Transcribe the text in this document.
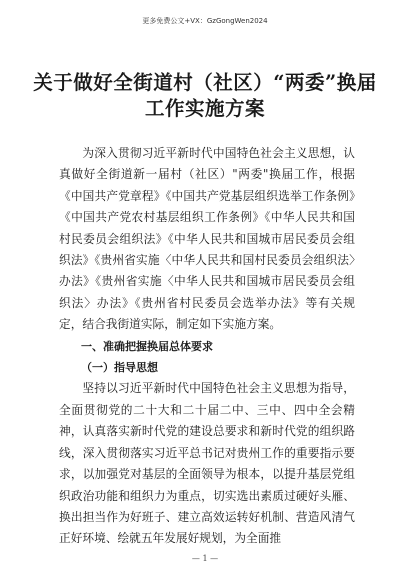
更多免费公文+VX：GzGongWen2024
关于做好全街道村（社区）“两委”换届
工作实施方案

为深入贯彻习近平新时代中国特色社会主义思想，认真做好全街道新一届村（社区）"两委"换届工作，根据《中国共产党章程》《中国共产党基层组织选举工作条例》《中国共产党农村基层组织工作条例》《中华人民共和国村民委员会组织法》《中华人民共和国城市居民委员会组织法》《贵州省实施〈中华人民共和国村民委员会组织法〉办法》《贵州省实施〈中华人民共和国城市居民委员会组织法〉办法》《贵州省村民委员会选举办法》等有关规定，结合我街道实际，制定如下实施方案。

一、准确把握换届总体要求

（一）指导思想

坚持以习近平新时代中国特色社会主义思想为指导，全面贯彻党的二十大和二十届二中、三中、四中全会精神，认真落实新时代党的建设总要求和新时代党的组织路线，深入贯彻落实习近平总书记对贵州工作的重要指示要求，以加强党对基层的全面领导为根本，以提升基层党组织政治功能和组织力为重点，切实选出素质过硬好头雁、换出担当作为好班子、建立高效运转好机制、营造风清气正好环境、绘就五年发展好规划，为全面推

— 1 —
